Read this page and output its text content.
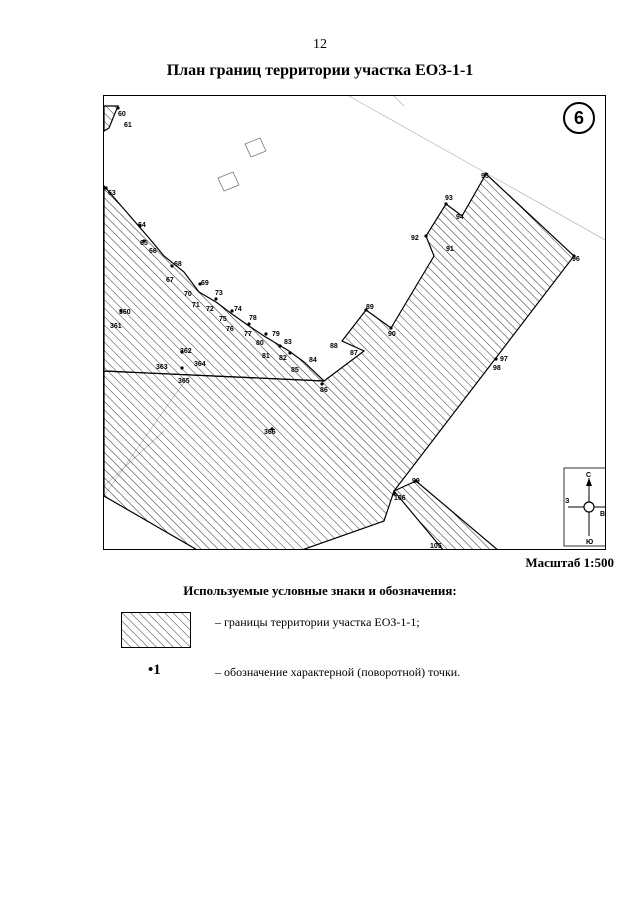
12
План границ территории участка ЕОЗ-1-1
60
61
63
64
65
66
67
68
69
70
71
72
73
74
75
76
77
78
79
80
81 82
83
84
85
86
87
88
89
90
91
92
93
94
95
96
97
98
99
105
106
360
361
362
363	364
365
366
С
Ю
В
З
6
Масштаб 1:500
Используемые условные знаки и обозначения:
– границы территории участка ЕОЗ-1-1;
•1	– обозначение характерной (поворотной) точки.
